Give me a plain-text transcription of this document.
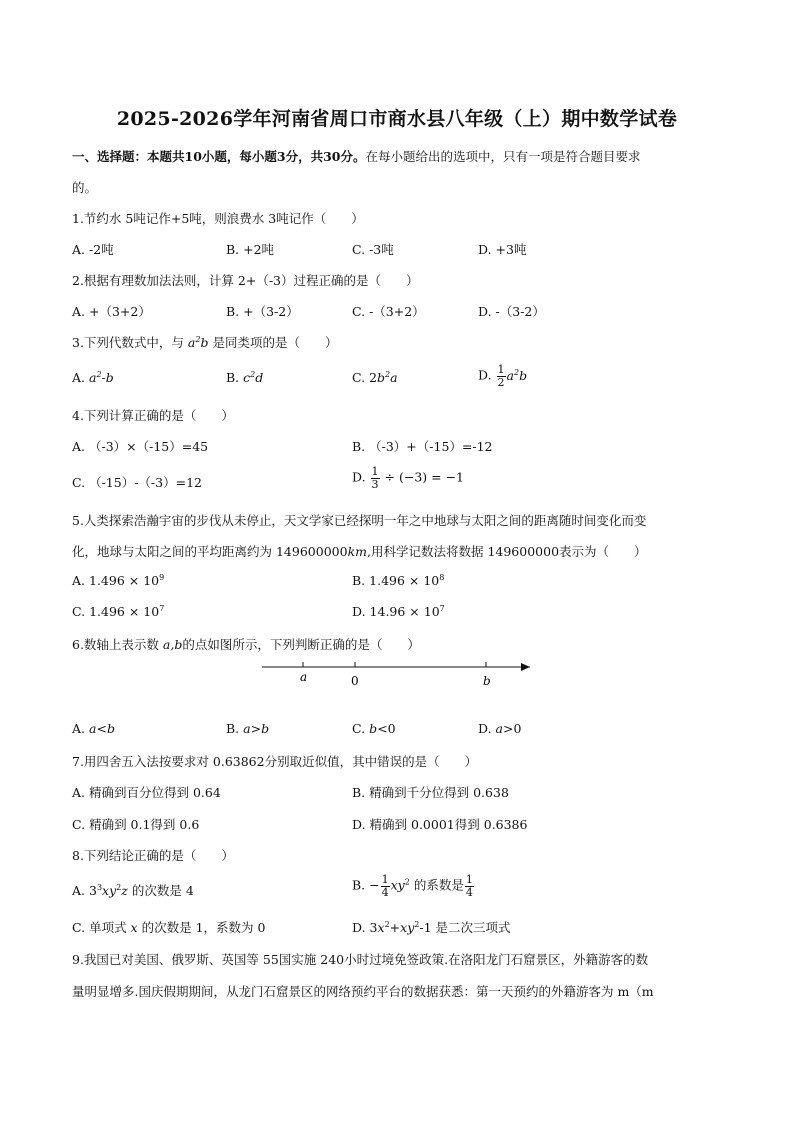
2025-2026学年河南省周口市商水县八年级（上）期中数学试卷
一、选择题：本题共10小题，每小题3分，共30分。在每小题给出的选项中，只有一项是符合题目要求
的。
1.节约水 5吨记作+5吨，则浪费水 3吨记作（　　）
A. -2吨	B. +2吨	C. -3吨	D. +3吨
2.根据有理数加法法则，计算 2+（-3）过程正确的是（　　）
A. +（3+2）	B. +（3-2）	C. -（3+2）	D. -（3-2）
3.下列代数式中，与 $a^2b$ 是同类项的是（　　）
A. $a^2-b$	B. $c^2d$	C. $2b^2a$	D. $\frac{1}{2} a^2b$
4.下列计算正确的是（　　）
A. （-3）×（-15）=45	B. （-3）+（-15）=-12
C. （-15）-（-3）=12	D. $\frac{1}{3} \div (-3) = -1$
5.人类探索浩瀚宇宙的步伐从未停止，天文学家已经探明一年之中地球与太阳之间的距离随时间变化而变
化，地球与太阳之间的平均距离约为 149600000km,用科学记数法将数据 149600000表示为（　　）
A. $1.496 \times 10^9$	B. $1.496 \times 10^8$
C. $1.496 \times 10^7$	D. $14.96 \times 10^7$
6.数轴上表示数 a,b的点如图所示，下列判断正确的是（　　）
a	0	b
A. a<b	B. a>b	C. b<0	D. a>0
7.用四舍五入法按要求对 0.63862分别取近似值，其中错误的是（　　）
A. 精确到百分位得到 0.64	B. 精确到千分位得到 0.638
C. 精确到 0.1得到 0.6	D. 精确到 0.0001得到 0.6386
8.下列结论正确的是（　　）
A. $3^3xy^2z$ 的次数是 4	B. − $\frac{1}{4} xy^2$ 的系数是 $\frac{1}{4}$
C. 单项式 x 的次数是 1，系数为 0	D. $3x^2+xy^2-1$ 是二次三项式
9.我国已对美国、俄罗斯、英国等 55国实施 240小时过境免签政策.在洛阳龙门石窟景区，外籍游客的数
量明显增多.国庆假期期间，从龙门石窟景区的网络预约平台的数据获悉：第一天预约的外籍游客为 m（m
